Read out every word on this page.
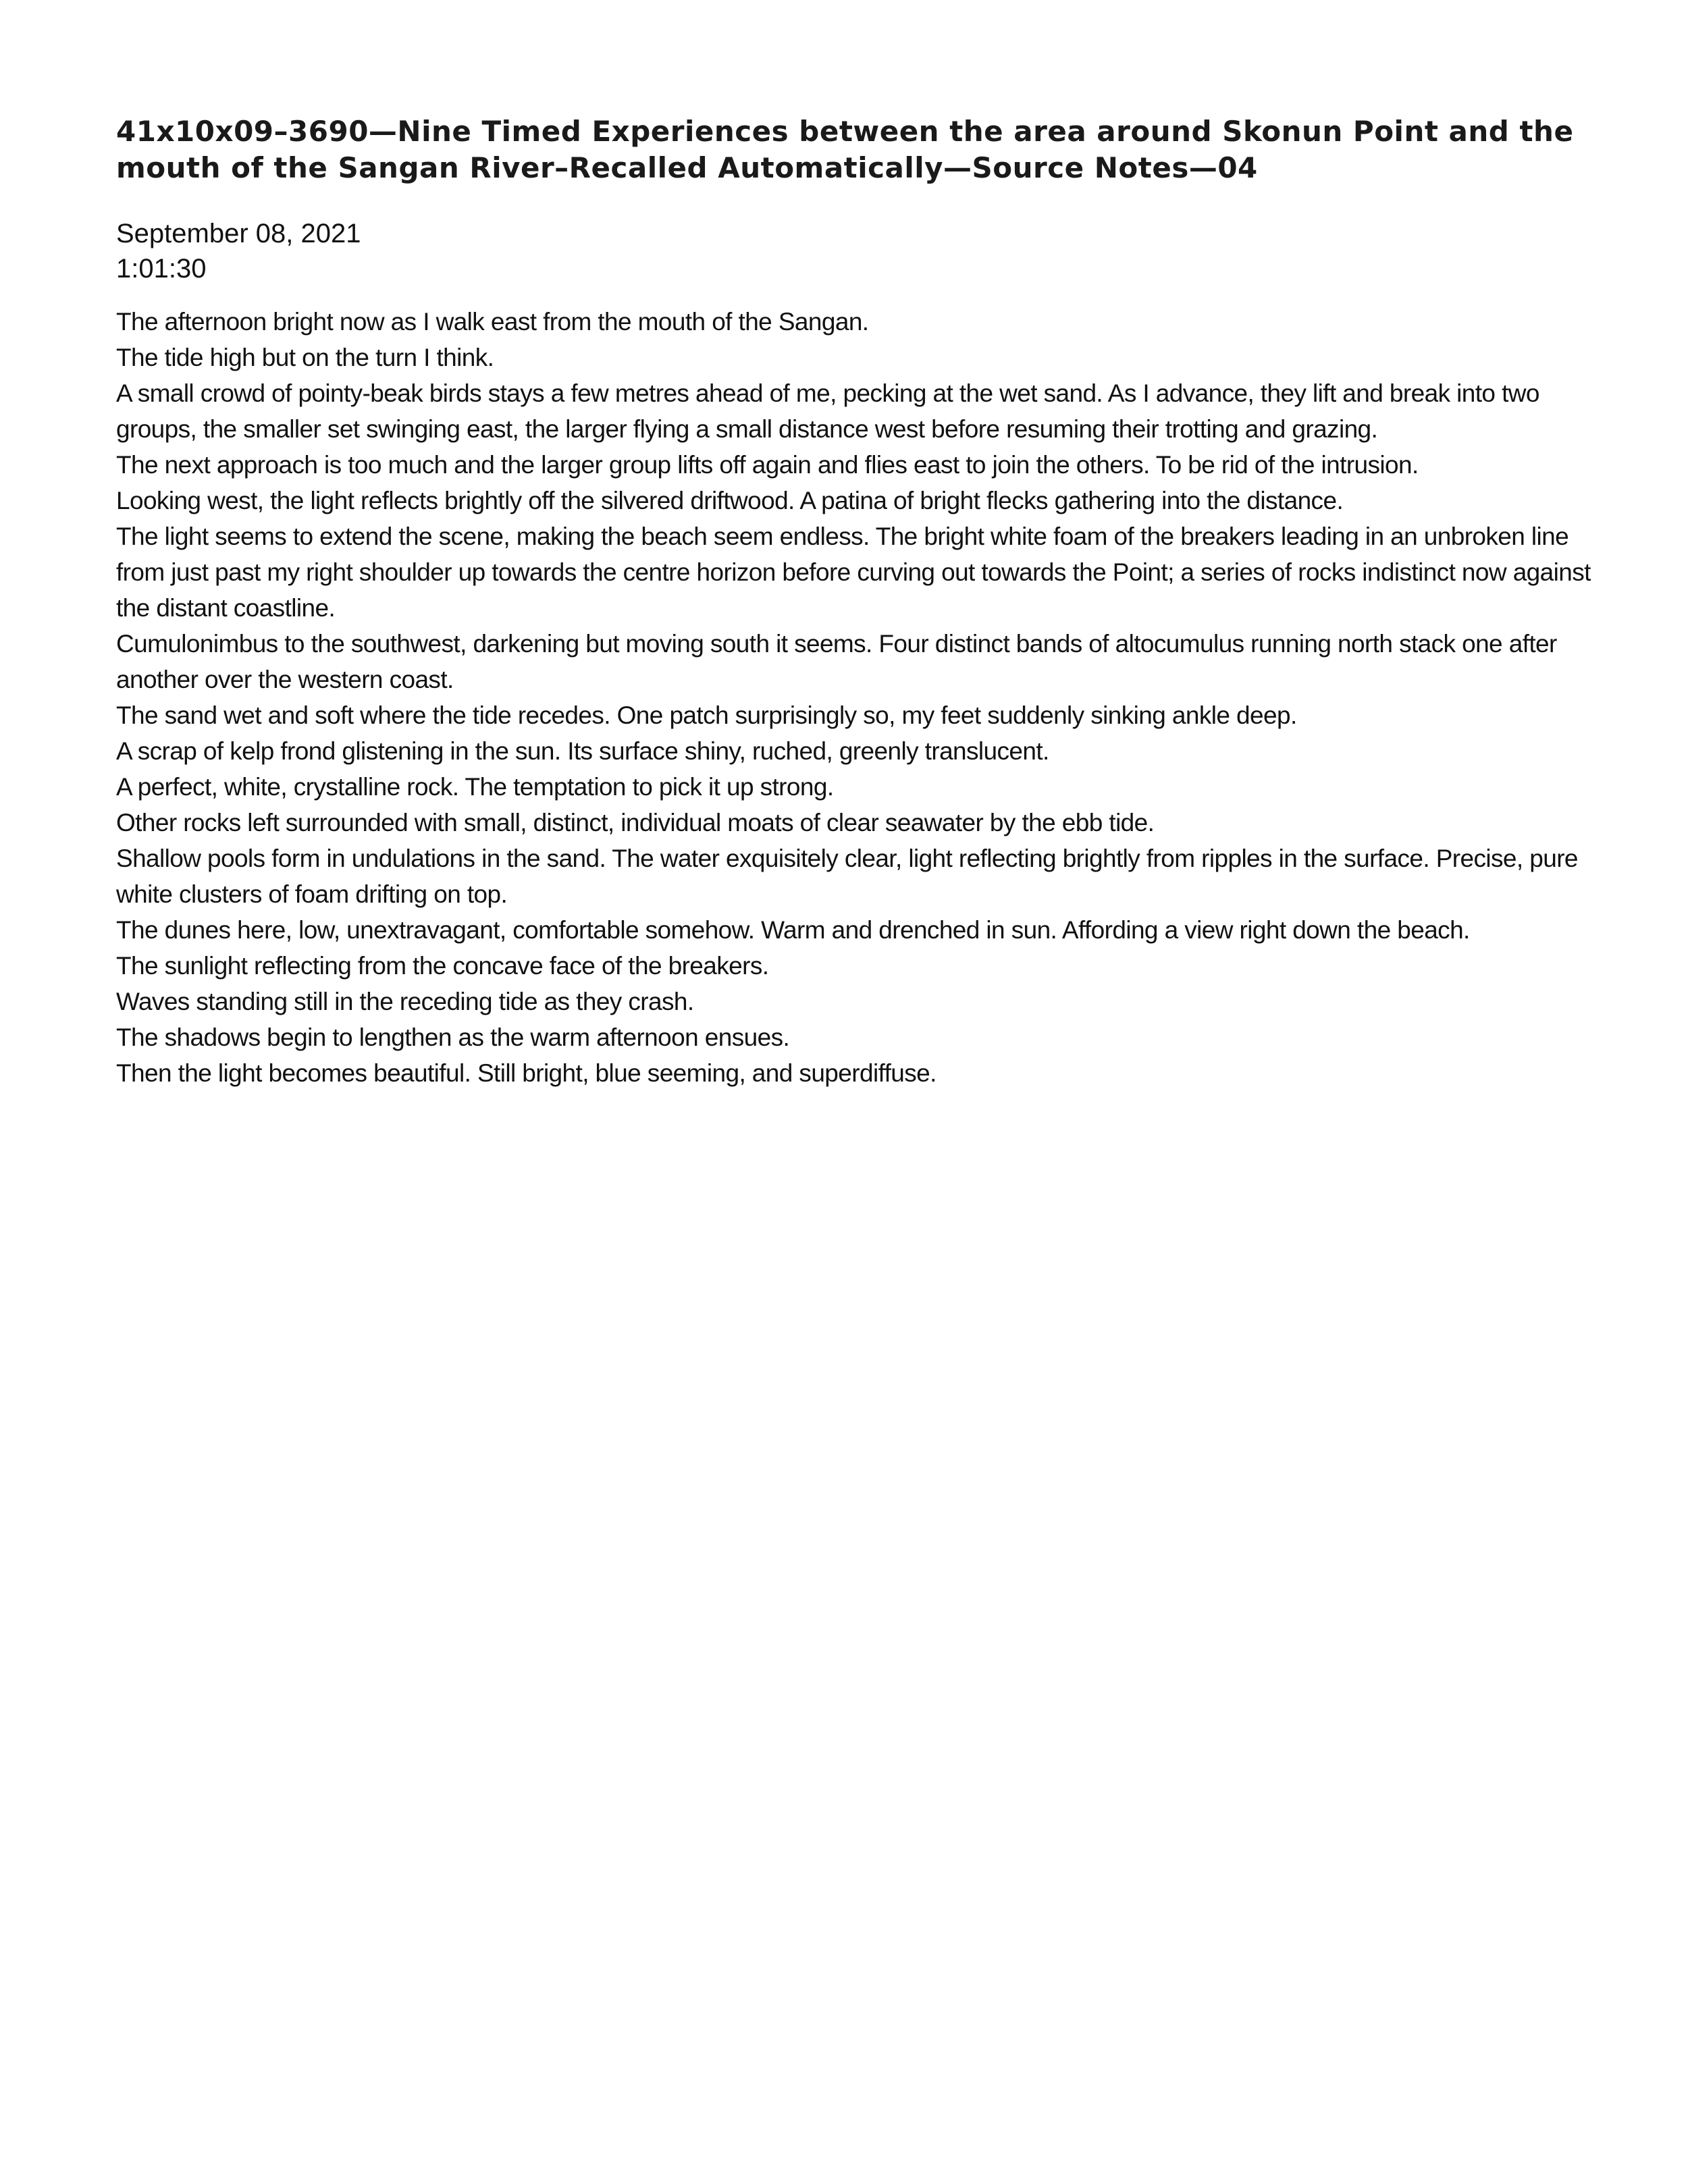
41x10x09–3690—Nine Timed Experiences between the area around Skonun Point and the mouth of the Sangan River–Recalled Automatically—Source Notes—04
September 08, 2021
1:01:30

The afternoon bright now as I walk east from the mouth of the Sangan.

The tide high but on the turn I think.

A small crowd of pointy-beak birds stays a few metres ahead of me, pecking at the wet sand. As I advance, they lift and break into two groups, the smaller set swinging east, the larger flying a small distance west before resuming their trotting and grazing.

The next approach is too much and the larger group lifts off again and flies east to join the others. To be rid of the intrusion.

Looking west, the light reflects brightly off the silvered driftwood. A patina of bright flecks gathering into the distance.

The light seems to extend the scene, making the beach seem endless. The bright white foam of the breakers leading in an unbroken line from just past my right shoulder up towards the centre horizon before curving out towards the Point; a series of rocks indistinct now against the distant coastline.

Cumulonimbus to the southwest, darkening but moving south it seems. Four distinct bands of altocumulus running north stack one after another over the western coast.

The sand wet and soft where the tide recedes. One patch surprisingly so, my feet suddenly sinking ankle deep.

A scrap of kelp frond glistening in the sun. Its surface shiny, ruched, greenly translucent.

A perfect, white, crystalline rock. The temptation to pick it up strong.

Other rocks left surrounded with small, distinct, individual moats of clear seawater by the ebb tide.

Shallow pools form in undulations in the sand. The water exquisitely clear, light reflecting brightly from ripples in the surface. Precise, pure white clusters of foam drifting on top.

The dunes here, low, unextravagant, comfortable somehow. Warm and drenched in sun. Affording a view right down the beach.

The sunlight reflecting from the concave face of the breakers.

Waves standing still in the receding tide as they crash.

The shadows begin to lengthen as the warm afternoon ensues.

Then the light becomes beautiful. Still bright, blue seeming, and superdiffuse.
